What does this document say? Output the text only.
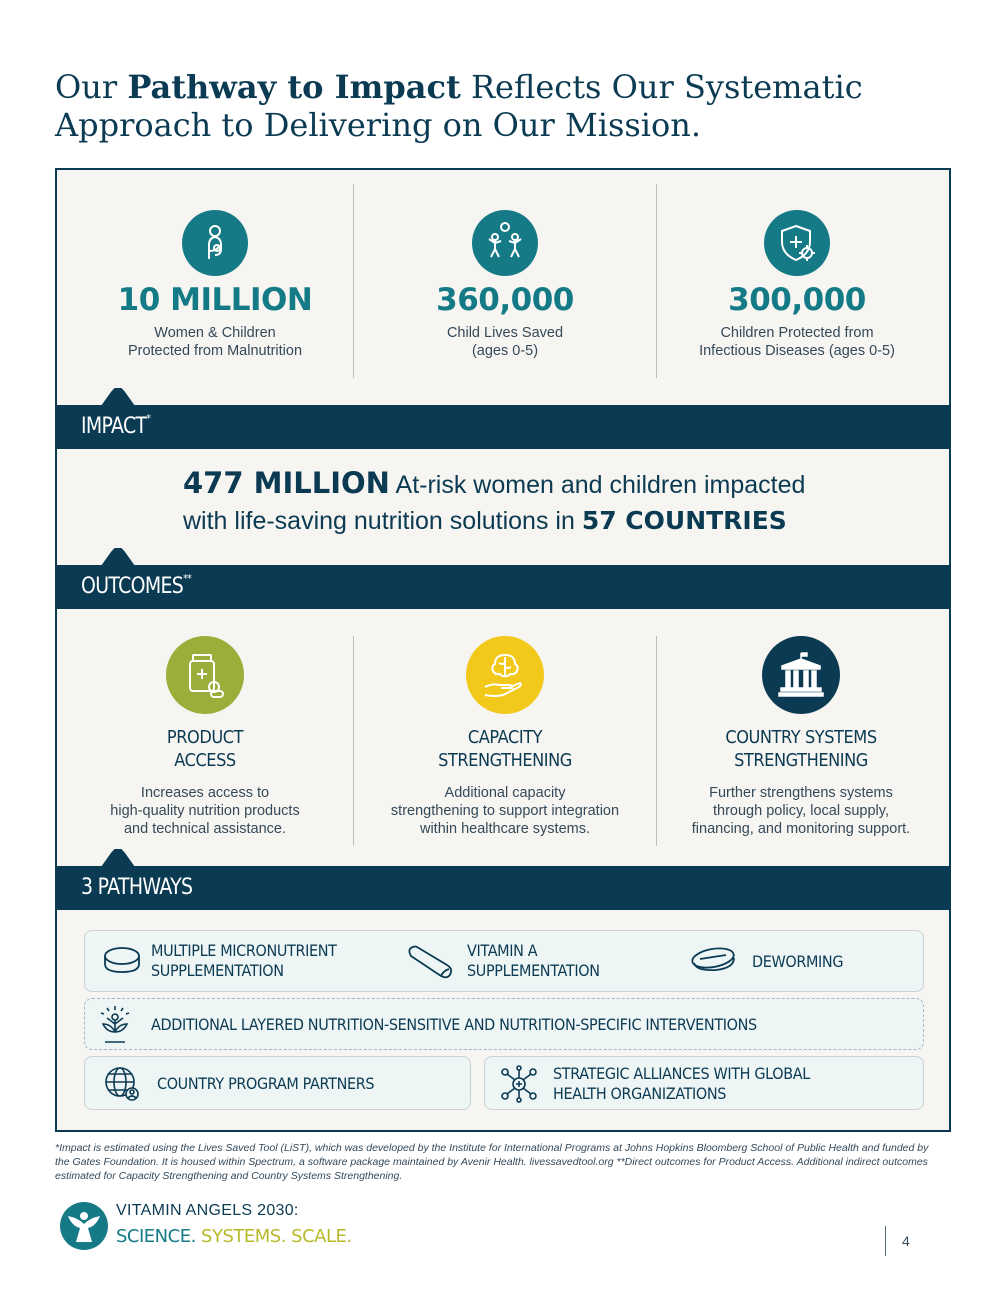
Our Pathway to Impact Reflects Our Systematic Approach to Delivering on Our Mission.
10 MILLION
Women & Children
Protected from Malnutrition
360,000
Child Lives Saved
(ages 0-5)
300,000
Children Protected from
Infectious Diseases (ages 0-5)
IMPACT*
477 MILLION At-risk women and children impacted
with life-saving nutrition solutions in 57 COUNTRIES
OUTCOMES**
PRODUCT
ACCESS
Increases access to
high-quality nutrition products
and technical assistance.
CAPACITY
STRENGTHENING
Additional capacity
strengthening to support integration
within healthcare systems.
COUNTRY SYSTEMS
STRENGTHENING
Further strengthens systems
through policy, local supply,
financing, and monitoring support.
3 PATHWAYS
MULTIPLE MICRONUTRIENT
SUPPLEMENTATION
VITAMIN A
SUPPLEMENTATION	DEWORMING
ADDITIONAL LAYERED NUTRITION-SENSITIVE AND NUTRITION-SPECIFIC INTERVENTIONS
COUNTRY PROGRAM PARTNERS
STRATEGIC ALLIANCES WITH GLOBAL
HEALTH ORGANIZATIONS

*Impact is estimated using the Lives Saved Tool (LiST), which was developed by the Institute for International Programs at Johns Hopkins Bloomberg School of Public Health and funded by the Gates Foundation. It is housed within Spectrum, a software package maintained by Avenir Health. livessavedtool.org **Direct outcomes for Product Access. Additional indirect outcomes estimated for Capacity Strengthening and Country Systems Strengthening.

VITAMIN ANGELS 2030:
SCIENCE. SYSTEMS. SCALE.	4
